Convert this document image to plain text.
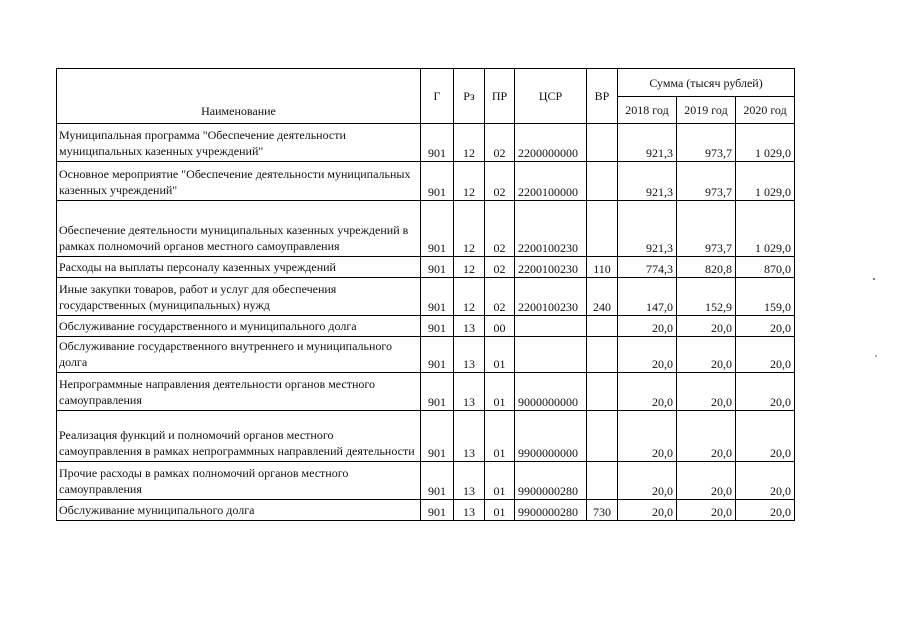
Наименование	Г	Рз	ПР	ЦСР	ВР	Сумма (тысяч рублей)		
						2018 год	2019 год	2020 год
Муниципальная программа "Обеспечение деятельности муниципальных казенных учреждений"	901	12	02	2200000000		921,3	973,7	1 029,0
Основное мероприятие "Обеспечение деятельности муниципальных казенных учреждений"	901	12	02	2200100000		921,3	973,7	1 029,0
Обеспечение деятельности муниципальных казенных учреждений в рамках полномочий органов местного самоуправления	901	12	02	2200100230		921,3	973,7	1 029,0
Расходы на выплаты персоналу казенных учреждений	901	12	02	2200100230	110	774,3	820,8	870,0
Иные закупки товаров, работ и услуг для обеспечения государственных (муниципальных) нужд	901	12	02	2200100230	240	147,0	152,9	159,0
Обслуживание государственного и муниципального долга	901	13	00			20,0	20,0	20,0
Обслуживание государственного внутреннего и муниципального долга	901	13	01			20,0	20,0	20,0
Непрограммные направления деятельности органов местного самоуправления	901	13	01	9000000000		20,0	20,0	20,0
Реализация функций и полномочий органов местного самоуправления в рамках непрограммных направлений деятельности	901	13	01	9900000000		20,0	20,0	20,0
Прочие расходы в рамках полномочий органов местного самоуправления	901	13	01	9900000280		20,0	20,0	20,0
Обслуживание муниципального долга	901	13	01	9900000280	730	20,0	20,0	20,0
